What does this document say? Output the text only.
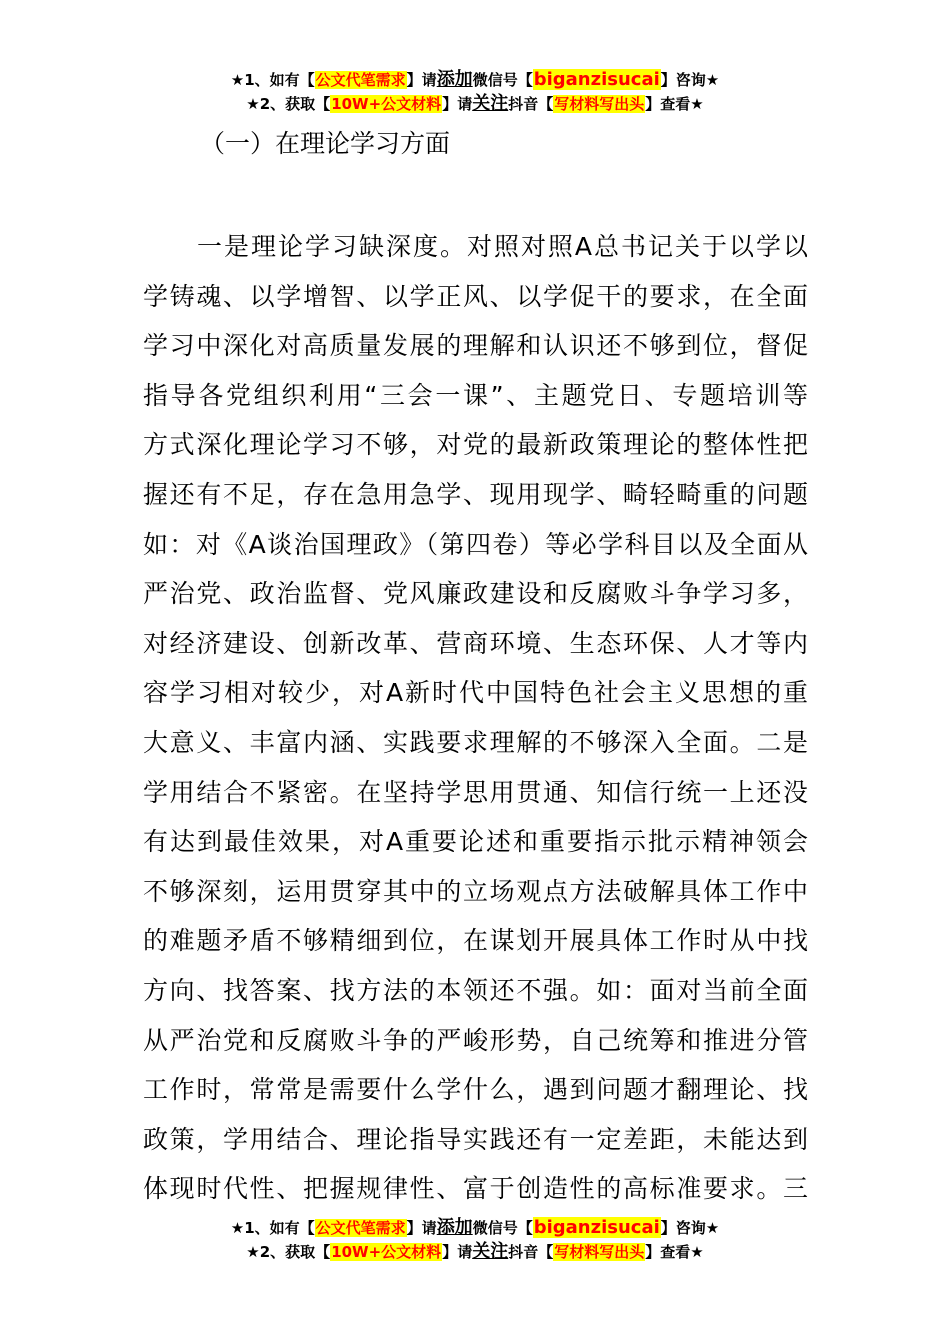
★1、如有【公文代笔需求】请添加微信号【biganzisucai】咨询★
★2、获取【10W+公文材料】请关注抖音【写材料写出头】查看★
（一）在理论学习方面
一是理论学习缺深度。对照对照A总书记关于以学以
学铸魂、以学增智、以学正风、以学促干的要求，在全面
学习中深化对高质量发展的理解和认识还不够到位，督促
指导各党组织利用“三会一课”、主题党日、专题培训等
方式深化理论学习不够，对党的最新政策理论的整体性把
握还有不足，存在急用急学、现用现学、畸轻畸重的问题
如：对《A谈治国理政》（第四卷）等必学科目以及全面从
严治党、政治监督、党风廉政建设和反腐败斗争学习多，
对经济建设、创新改革、营商环境、生态环保、人才等内
容学习相对较少，对A新时代中国特色社会主义思想的重
大意义、丰富内涵、实践要求理解的不够深入全面。二是
学用结合不紧密。在坚持学思用贯通、知信行统一上还没
有达到最佳效果，对A重要论述和重要指示批示精神领会
不够深刻，运用贯穿其中的立场观点方法破解具体工作中
的难题矛盾不够精细到位，在谋划开展具体工作时从中找
方向、找答案、找方法的本领还不强。如：面对当前全面
从严治党和反腐败斗争的严峻形势，自己统筹和推进分管
工作时，常常是需要什么学什么，遇到问题才翻理论、找
政策，学用结合、理论指导实践还有一定差距，未能达到
体现时代性、把握规律性、富于创造性的高标准要求。三
★1、如有【公文代笔需求】请添加微信号【biganzisucai】咨询★
★2、获取【10W+公文材料】请关注抖音【写材料写出头】查看★
